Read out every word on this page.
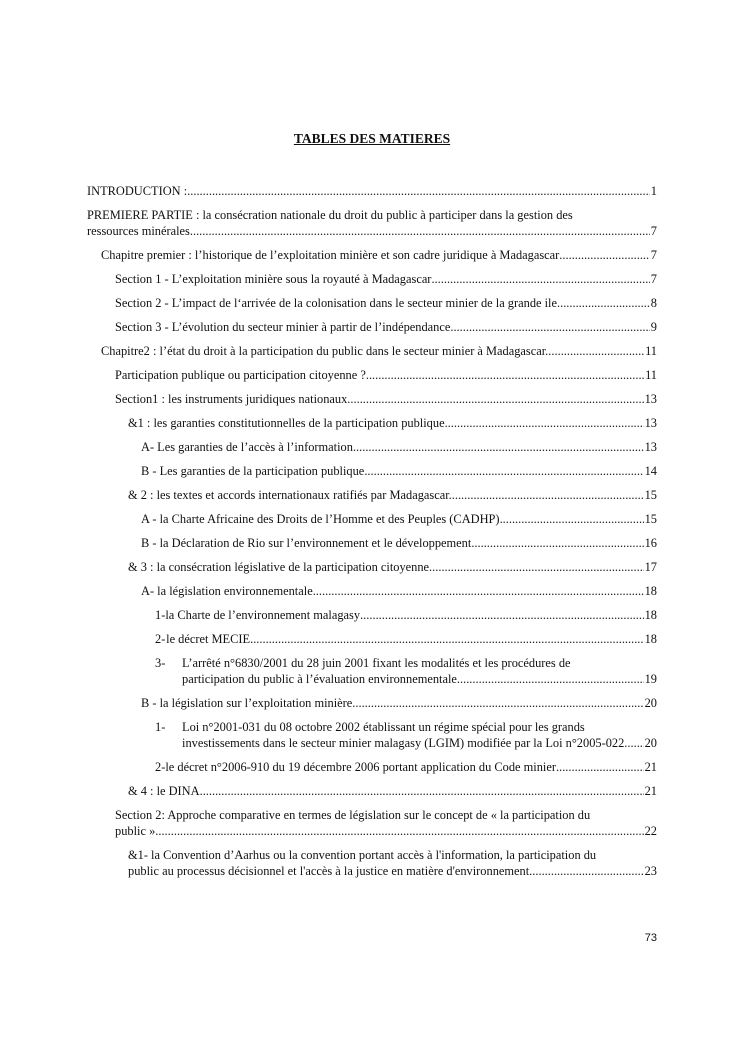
TABLES DES MATIERES
INTRODUCTION : .....	1
PREMIERE PARTIE : la consécration nationale du droit du public à participer dans la gestion des
ressources minérales. .....	7
Chapitre premier : l’historique de l’exploitation minière et son cadre juridique à Madagascar .....	7
Section 1 - L’exploitation minière sous la royauté à Madagascar .....	7
Section 2 - L’impact de l‘arrivée de la colonisation dans le secteur minier de la grande ile .....	8
Section 3 - L’évolution du secteur minier à partir de l’indépendance .....	9
Chapitre2 : l’état du droit à la participation du public dans le secteur minier à Madagascar. .....	11
Participation publique ou participation citoyenne ? .....	11
Section1 : les instruments juridiques nationaux .....	13
&1 : les garanties constitutionnelles de la participation publique .....	13
A- Les garanties de l’accès à l’information .....	13
B - Les garanties de la participation publique .....	14
& 2 : les textes et accords internationaux ratifiés par Madagascar. .....	15
A - la Charte Africaine des Droits de l’Homme et des Peuples (CADHP) .....	15
B - la Déclaration de Rio sur l’environnement et le développement .....	16
& 3 : la consécration législative de la participation citoyenne. .....	17
A- la législation environnementale .....	18
1- la Charte de l’environnement malagasy .....	18
2- le décret MECIE .....	18
3- L’arrêté n°6830/2001 du 28 juin 2001 fixant les modalités et les procédures de
participation du public à l’évaluation environnementale. .....	19
B - la législation sur l’exploitation minière. .....	20
1- Loi n°2001-031 du 08 octobre 2002 établissant un régime spécial pour les grands
investissements dans le secteur minier malagasy (LGIM) modifiée par la Loi n°2005-022 ..... 20
2- le décret n°2006-910 du 19 décembre 2006 portant application du Code minier .....	21
& 4 : le DINA .....	21
Section 2: Approche comparative en termes de législation sur le concept de « la participation du
public » .....	22
&1- la Convention d’Aarhus ou la convention portant accès à l'information, la participation du
public au processus décisionnel et l'accès à la justice en matière d'environnement .....	23
73
